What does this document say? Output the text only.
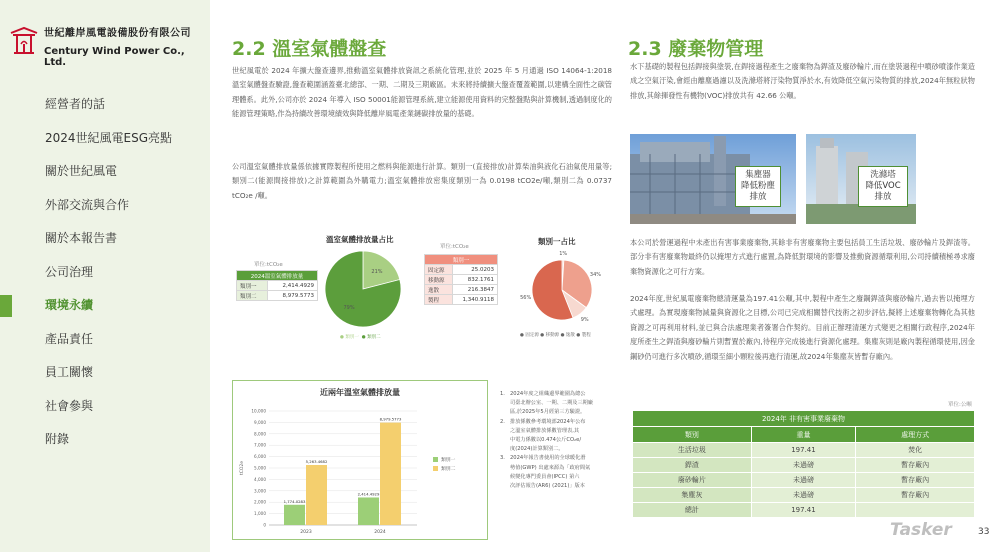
世紀離岸風電設備股份有限公司
Century Wind Power Co., Ltd.
經營者的話
2024世紀風電ESG亮點
關於世紀風電
外部交流與合作
關於本報告書
公司治理
環境永續
產品責任
員工關懷
社會參與
附錄
2.2 溫室氣體盤查
世紀風電於 2024 年擴大盤查邊界,推動溫室氣體排放資訊之系統化管理,並於 2025 年 5 月通過 ISO 14064-1:2018 溫室氣體盤查驗證,盤查範圍涵蓋臺北總部、一期、二期及三期廠區。未來將持續擴大盤查覆蓋範圍,以建構全面性之碳管理體系。此外,公司亦於 2024 年導入 ISO 50001能源管理系統,建立能源使用資料的完整盤點與計算機制,透過制度化的能源管理策略,作為持續改善環境績效與降低離岸風電產業鏈碳排放量的基礎。
公司溫室氣體排放量係依據實際製程所使用之燃料與能源進行計算。類別一(直接排放)計算柴油與液化石油氣使用量等;類別二(能源間接排放)之計算範圍為外購電力;溫室氣體排放密集度類別一為 0.0198 tCO2e/噸,類別二為 0.0737 tCO₂e /噸。
單位:tCO₂e
2024溫室氣體排放量	
類別一	2,414.4929
類別二	8,979.5773
溫室氣體排放量占比
21%
79%
● 類別一 ● 類別二
單位:tCO₂e
類別一	
固定源	25.0203
移動源	832.1761
逸散	216.3847
製程	1,340.9118
類別一占比
1%
34%
9%
56%
● 固定源 ● 移動源 ● 逸散 ● 製程
近兩年溫室氣體排放量
0
1,000
2,000
3,000
4,000
5,000
6,000
7,000
8,000
9,000
10,000
tCO2e
2023
1,774.0283
5,263.4682
2024
2,414.4929
8,979.5773
類別一
類別二
1. 2024年度之組織邊界範圍為總公
司臺北辦公室、一期、二期及三期廠
區,於2025年5月經第三方驗證。
2. 排放係數參考環境部2024年公布
之溫室氣體排放係數管理表,其
中電力係數以0.474公斤CO₂e/
度(2024)計算類別二。
3. 2024年報告書使用的全球暖化潛
勢值(GWP) 出處來源為「政府間氣
候變化專門委員會(IPCC) 第六
次評估報告(AR6) (2021)」版本
2.3 廢棄物管理
水下基礎的製程包括銲接與塗裝,在銲接過程產生之廢棄物為銲渣及廢砂輪片,而在塗裝過程中噴砂噴漆作業造成之空氣汙染,會經由離塵過濾以及洗滌塔將汙染物質淨於水,有效降低空氣污染物質的排放,2024年無粒狀物排放,其餘揮發性有機物(VOC)排放共有 42.66 公噸。
集塵器
降低粉塵
排放
洗滌塔
降低VOC
排放
本公司於營運過程中未產出有害事業廢棄物,其餘非有害廢棄物主要包括員工生活垃圾、廢砂輪片及銲渣等。部分非有害廢棄物最終仍以掩埋方式進行處置,為降低對環境的影響及推動資源循環利用,公司持續積極尋求廢棄物資源化之可行方案。
2024年度,世紀風電廢棄物總清運量為197.41公噸,其中,製程中產生之廢鋼銲渣與廢砂輪片,過去皆以掩埋方式處理。為實現廢棄物減量與資源化之目標,公司已完成相關替代技術之初步評估,擬將上述廢棄物轉化為其他資源之可再利用材料,並已與合法處理業者簽署合作契約。目前正辦理清運方式變更之相關行政程序,2024年度所產生之銲渣與廢砂輪片則暫置於廠內,待程序完成後進行資源化處理。集塵灰則是廠內製程循環使用,因金鋼砂仍可進行多次噴砂,循環至細小顆粒後再進行清運,故2024年集塵灰皆暫存廠內。
單位:公噸
2024年 非有害事業廢棄物		
類別	重量	處理方式
生活垃圾	197.41	焚化
銲渣	未過磅	暫存廠內
廢砂輪片	未過磅	暫存廠內
集塵灰	未過磅	暫存廠內
總計	197.41	
Tasker	33
